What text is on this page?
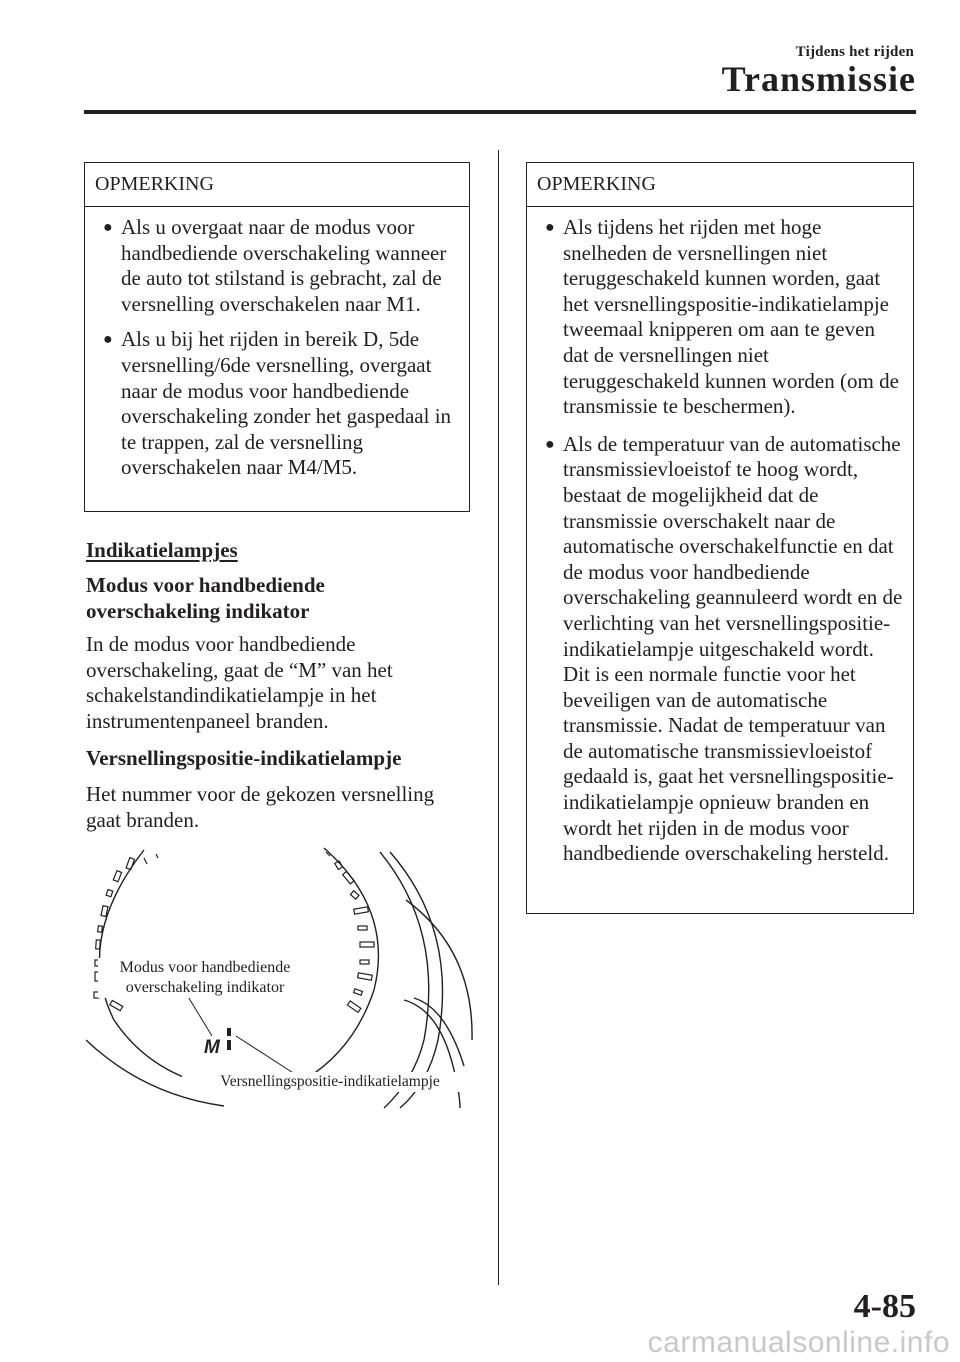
Tijdens het rijden
Transmissie
OPMERKING
● Als u overgaat naar de modus voor handbediende overschakeling wanneer de auto tot stilstand is gebracht, zal de versnelling overschakelen naar M1.
● Als u bij het rijden in bereik D, 5de versnelling/6de versnelling, overgaat naar de modus voor handbediende overschakeling zonder het gaspedaal in te trappen, zal de versnelling overschakelen naar M4/M5.
Indikatielampjes
Modus voor handbediende overschakeling indikator
In de modus voor handbediende overschakeling, gaat de “M” van het schakelstandindikatielampje in het instrumentenpaneel branden.
Versnellingspositie-indikatielampje
Het nummer voor de gekozen versnelling gaat branden.
M
Modus voor handbediende overschakeling indikator
Versnellingspositie-indikatielampje
OPMERKING
● Als tijdens het rijden met hoge snelheden de versnellingen niet teruggeschakeld kunnen worden, gaat het versnellingspositie-indikatielampje tweemaal knipperen om aan te geven dat de versnellingen niet teruggeschakeld kunnen worden (om de transmissie te beschermen).
● Als de temperatuur van de automatische transmissievloeistof te hoog wordt, bestaat de mogelijkheid dat de transmissie overschakelt naar de automatische overschakelfunctie en dat de modus voor handbediende overschakeling geannuleerd wordt en de verlichting van het versnellingspositie-indikatielampje uitgeschakeld wordt. Dit is een normale functie voor het beveiligen van de automatische transmissie. Nadat de temperatuur van de automatische transmissievloeistof gedaald is, gaat het versnellingspositie-indikatielampje opnieuw branden en wordt het rijden in de modus voor handbediende overschakeling hersteld.
4-85
carmanualsonline.info
